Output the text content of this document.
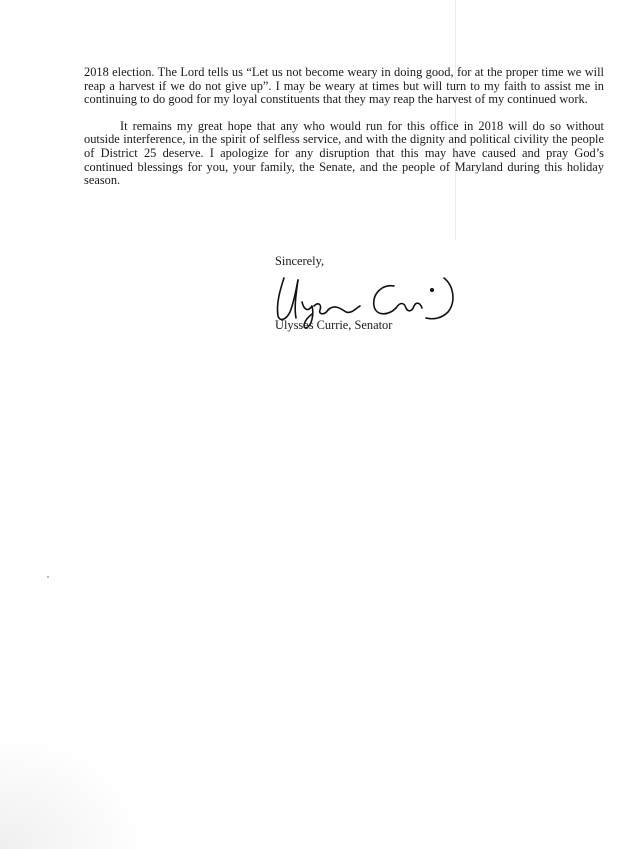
2018 election. The Lord tells us “Let us not become weary in doing good, for at the proper time we will reap a harvest if we do not give up”. I may be weary at times but will turn to my faith to assist me in continuing to do good for my loyal constituents that they may reap the harvest of my continued work.

It remains my great hope that any who would run for this office in 2018 will do so without outside interference, in the spirit of selfless service, and with the dignity and political civility the people of District 25 deserve. I apologize for any disruption that this may have caused and pray God’s continued blessings for you, your family, the Senate, and the people of Maryland during this holiday season.

Sincerely,
Ulysses Currie, Senator
